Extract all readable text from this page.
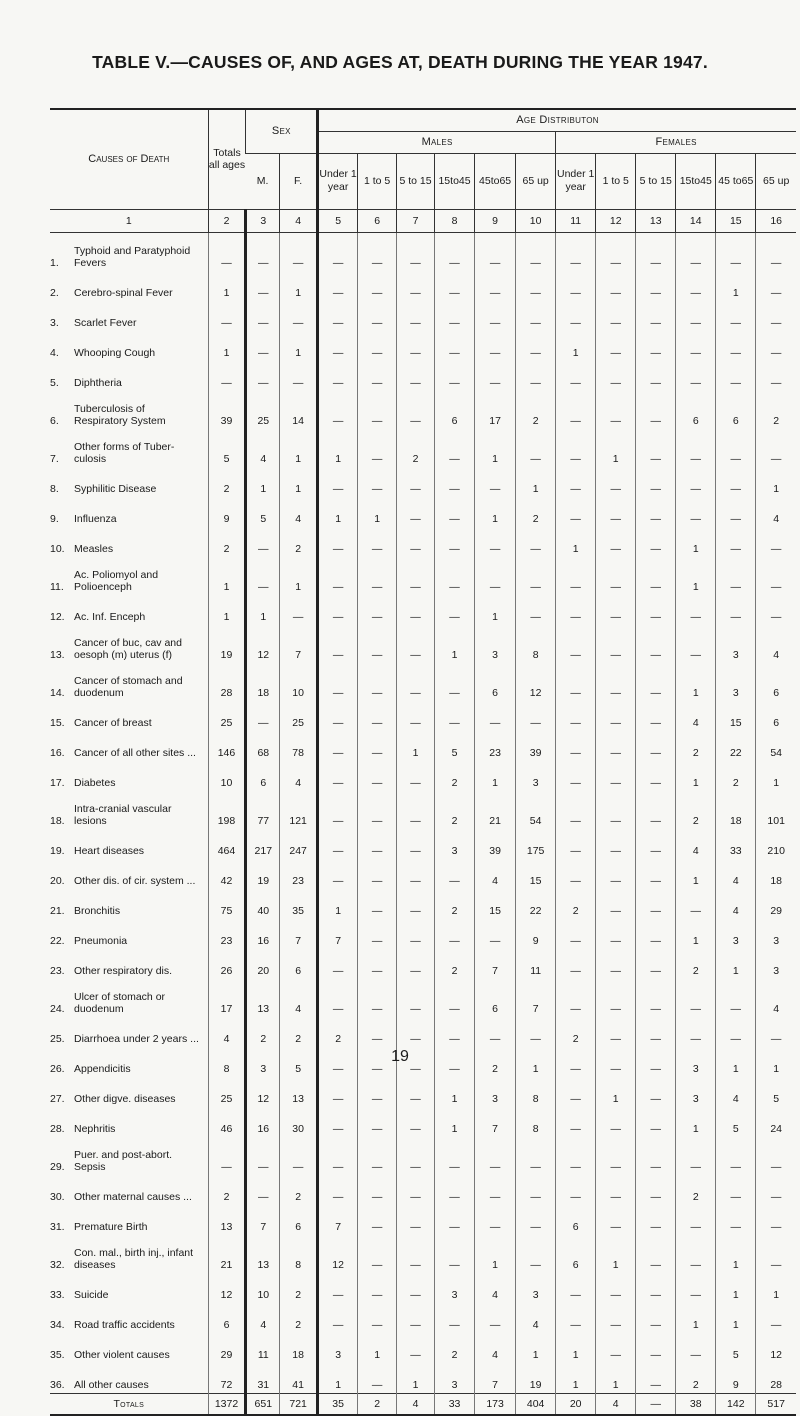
TABLE V.—CAUSES OF, AND AGES AT, DEATH DURING THE YEAR 1947.
Causes of Death	Totals all ages	Sex		Age Distributon											
				Males						Females					
		M.	F.	Under 1 year	1 to 5	5 to 15	15to45	45to65	65 up	Under 1 year	1 to 5	5 to 15	15to45	45 to65	65 up
1	2	3	4	5	6	7	8	9	10	11	12	13	14	15	16
1.Typhoid and Paratyphoid Fevers	—	—	—	—	—	—	—	—	—	—	—	—	—	—	—
2. Cerebro-spinal Fever	1	—	1	—	—	—	—	—	—	—	—	—	—	1	—
3. Scarlet Fever	—	—	—	—	—	—	—	—	—	—	—	—	—	—	—
4. Whooping Cough	1	—	1	—	—	—	—	—	—	1	—	—	—	—	—
5. Diphtheria	—	—	—	—	—	—	—	—	—	—	—	—	—	—	—
6.Tuberculosis of Respiratory System	39	25	14	—	—	—	6	17	2	—	—	—	6	6	2
7.Other forms of Tuber-culosis	5	4	1	1	—	2	—	1	—	—	1	—	—	—	—
8. Syphilitic Disease	2	1	1	—	—	—	—	—	1	—	—	—	—	—	1
9. Influenza	9	5	4	1	1	—	—	1	2	—	—	—	—	—	4
10. Measles	2	—	2	—	—	—	—	—	—	1	—	—	1	—	—
11.Ac. Poliomyol and Polioenceph	1	—	1	—	—	—	—	—	—	—	—	—	1	—	—
12. Ac. Inf. Enceph	1	1	—	—	—	—	—	1	—	—	—	—	—	—	—
13.Cancer of buc, cav and oesoph (m) uterus (f)	19	12	7	—	—	—	1	3	8	—	—	—	—	3	4
14.Cancer of stomach and duodenum	28	18	10	—	—	—	—	6	12	—	—	—	1	3	6
15. Cancer of breast	25	—	25	—	—	—	—	—	—	—	—	—	4	15	6
16. Cancer of all other sites ...	146	68	78	—	—	1	5	23	39	—	—	—	2	22	54
17. Diabetes	10	6	4	—	—	—	2	1	3	—	—	—	1	2	1
18.Intra-cranial vascular lesions	198	77	121	—	—	—	2	21	54	—	—	—	2	18	101
19. Heart diseases	464	217	247	—	—	—	3	39	175	—	—	—	4	33	210
20. Other dis. of cir. system ...	42	19	23	—	—	—	—	4	15	—	—	—	1	4	18
21. Bronchitis	75	40	35	1	—	—	2	15	22	2	—	—	—	4	29
22. Pneumonia	23	16	7	7	—	—	—	—	9	—	—	—	1	3	3
23. Other respiratory dis.	26	20	6	—	—	—	2	7	11	—	—	—	2	1	3
24.Ulcer of stomach or duodenum	17	13	4	—	—	—	—	6	7	—	—	—	—	—	4
25. Diarrhoea under 2 years ...	4	2	2	2	—	—	—	—	—	2	—	—	—	—	—
26. Appendicitis	8	3	5	—	—	—	—	2	1	—	—	—	3	1	1
27. Other digve. diseases	25	12	13	—	—	—	1	3	8	—	1	—	3	4	5
28. Nephritis	46	16	30	—	—	—	1	7	8	—	—	—	1	5	24
29.Puer. and post-abort. Sepsis	—	—	—	—	—	—	—	—	—	—	—	—	—	—	—
30. Other maternal causes ...	2	—	2	—	—	—	—	—	—	—	—	—	2	—	—
31. Premature Birth	13	7	6	7	—	—	—	—	—	6	—	—	—	—	—
32.Con. mal., birth inj., infant diseases	21	13	8	12	—	—	—	1	—	6	1	—	—	1	—
33. Suicide	12	10	2	—	—	—	3	4	3	—	—	—	—	1	1
34. Road traffic accidents	6	4	2	—	—	—	—	—	4	—	—	—	1	1	—
35. Other violent causes	29	11	18	3	1	—	2	4	1	1	—	—	—	5	12
36. All other causes	72	31	41	1	—	1	3	7	19	1	1	—	2	9	28
Totals	1372	651	721	35	2	4	33	173	404	20	4	—	38	142	517
19
